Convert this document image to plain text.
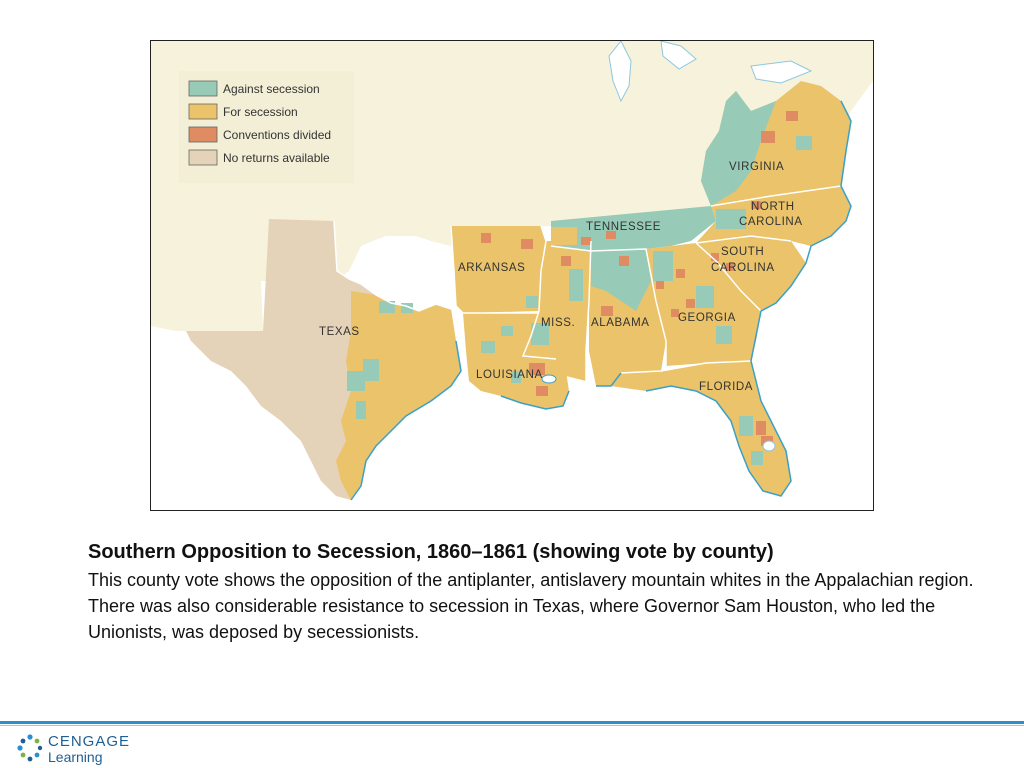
Against secession
For secession
Conventions divided
No returns available
VIRGINIA
NORTH
CAROLINA
TENNESSEE
SOUTH
CAROLINA
ARKANSAS
TEXAS
MISS. ALABAMA GEORGIA
LOUISIANA
FLORIDA

Southern Opposition to Secession, 1860–1861 (showing vote by county)

This county vote shows the opposition of the antiplanter, antislavery mountain whites in the Appalachian region. There was also considerable resistance to secession in Texas, where Governor Sam Houston, who led the Unionists, was deposed by secessionists.

CENGAGE
Learning
